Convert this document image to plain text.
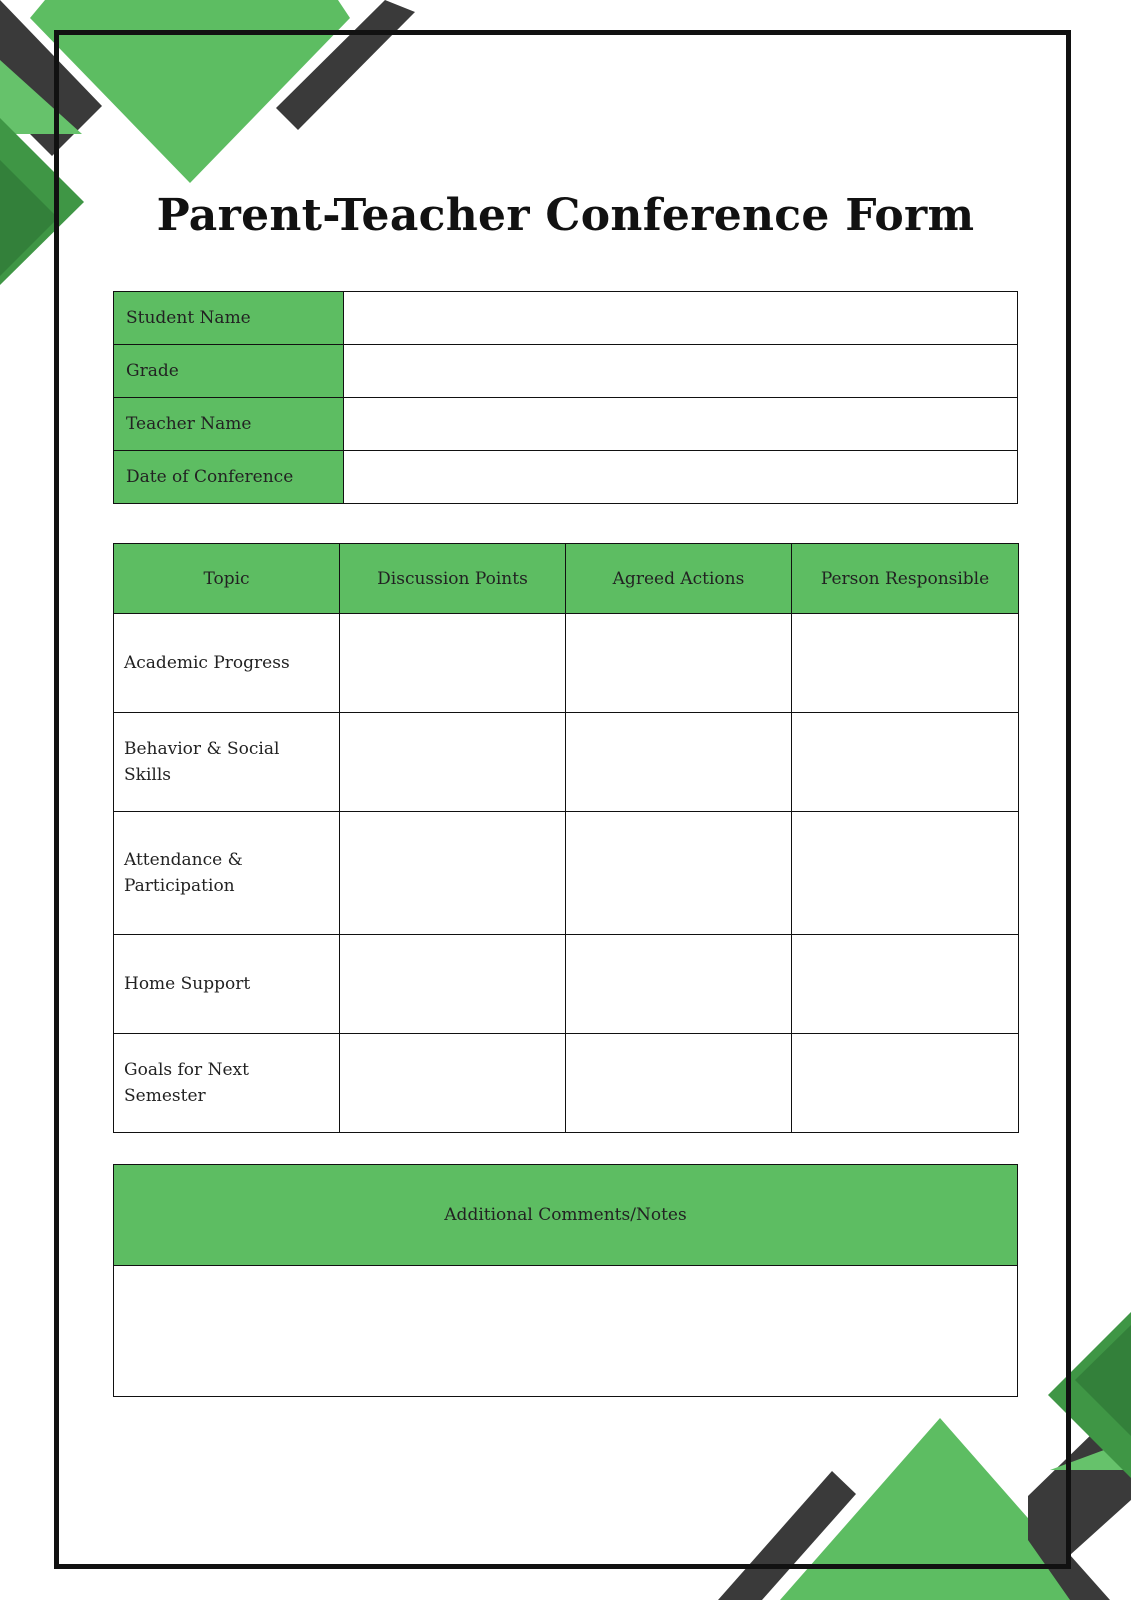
Parent-Teacher Conference Form
Student Name	
Grade	
Teacher Name	
Date of Conference	
Topic	Discussion Points	Agreed Actions	Person Responsible
Academic Progress			
Behavior & Social Skills			
Attendance & Participation			
Home Support			
Goals for Next Semester			
Additional Comments/Notes
